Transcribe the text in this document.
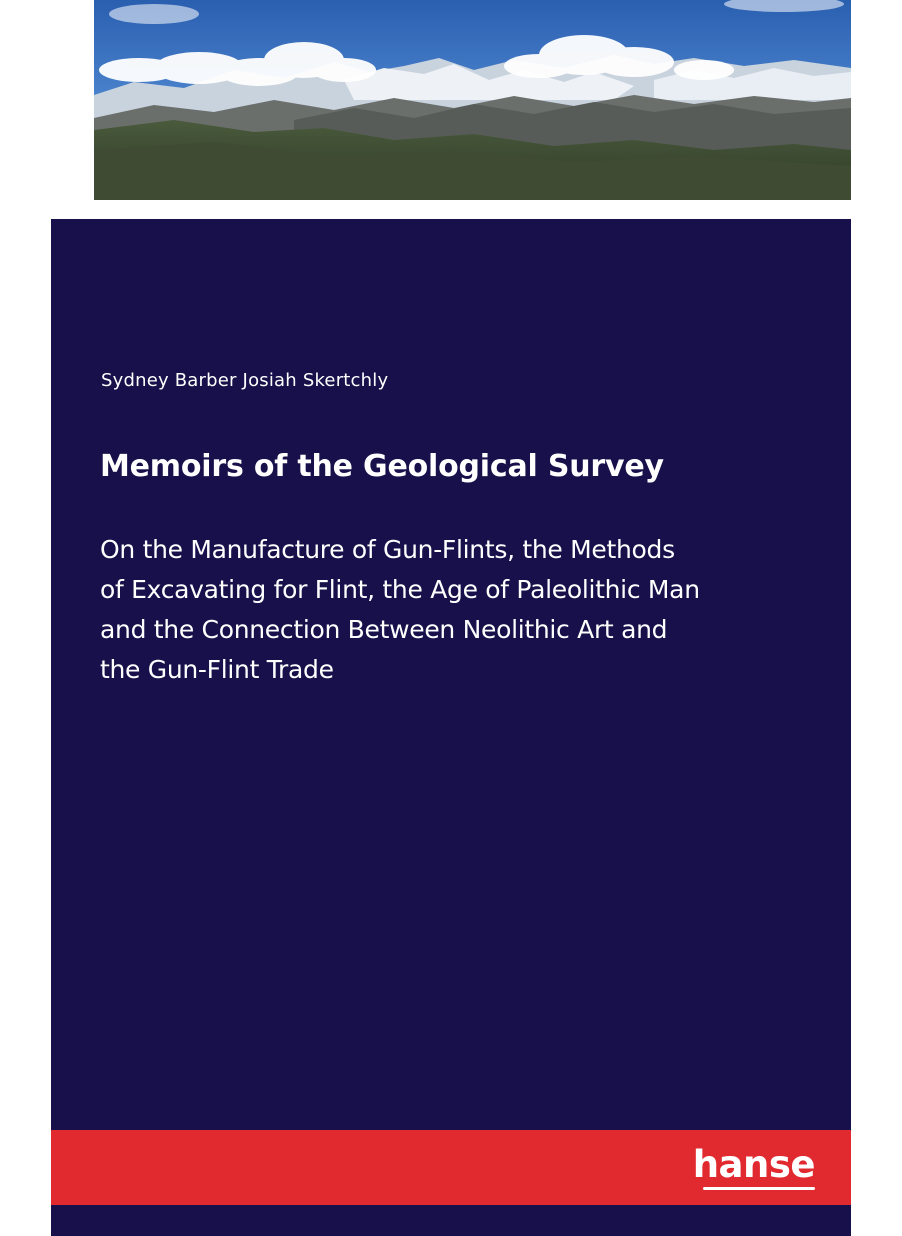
Sydney Barber Josiah Skertchly
Memoirs of the Geological Survey
On the Manufacture of Gun-Flints, the Methods
of Excavating for Flint, the Age of Paleolithic Man
and the Connection Between Neolithic Art and
the Gun-Flint Trade
hanse
